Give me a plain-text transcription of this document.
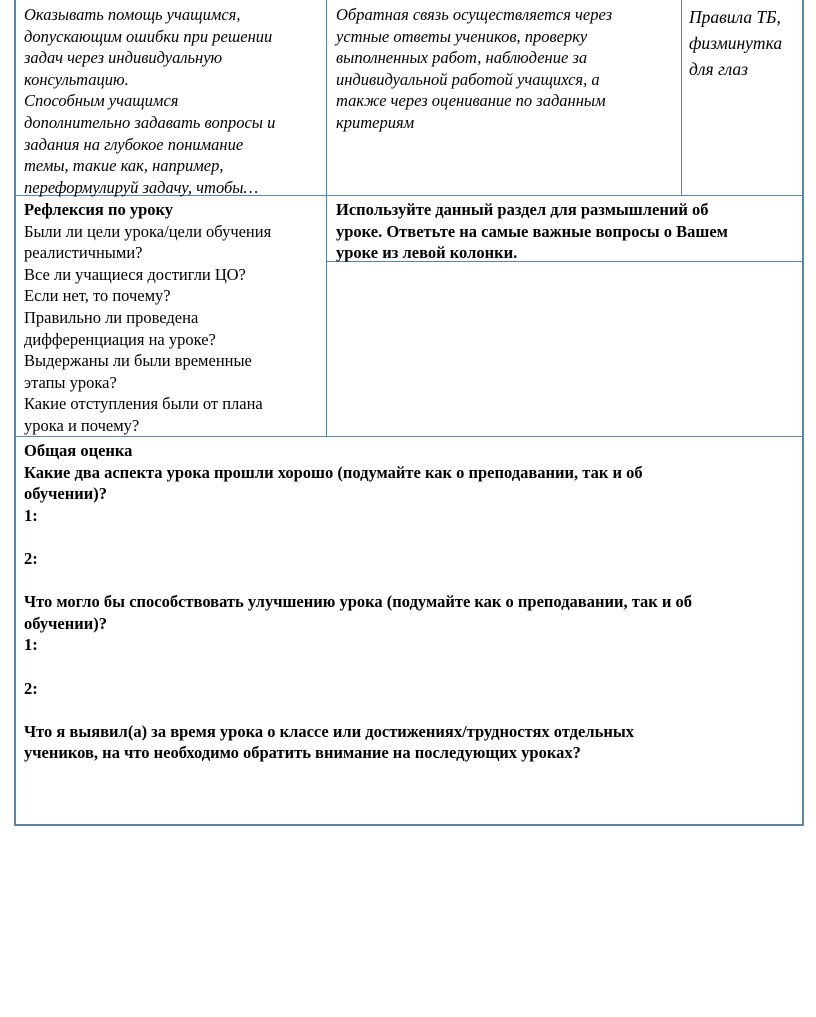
Оказывать помощь учащимся,
допускающим ошибки при решении
задач через индивидуальную
консультацию.
Способным учащимся
дополнительно задавать вопросы и
задания на глубокое понимание
темы, такие как, например,
переформулируй задачу, чтобы…
Обратная связь осуществляется через
устные ответы учеников, проверку
выполненных работ, наблюдение за
индивидуальной работой учащихся, а
также через оценивание по заданным
критериям
Правила ТБ,
физминутка
для глаз
Рефлексия по уроку
Были ли цели урока/цели обучения
реалистичными?
Все ли учащиеся достигли ЦО?
Если нет, то почему?
Правильно ли проведена
дифференциация на уроке?
Выдержаны ли были временные
этапы урока?
Какие отступления были от плана
урока и почему?
Используйте данный раздел для размышлений об
уроке. Ответьте на самые важные вопросы о Вашем
уроке из левой колонки.
Общая оценка
Какие два аспекта урока прошли хорошо (подумайте как о преподавании, так и об
обучении)?
1:
2:
Что могло бы способствовать улучшению урока (подумайте как о преподавании, так и об
обучении)?
1:
2:
Что я выявил(а) за время урока о классе или достижениях/трудностях отдельных
учеников, на что необходимо обратить внимание на последующих уроках?
